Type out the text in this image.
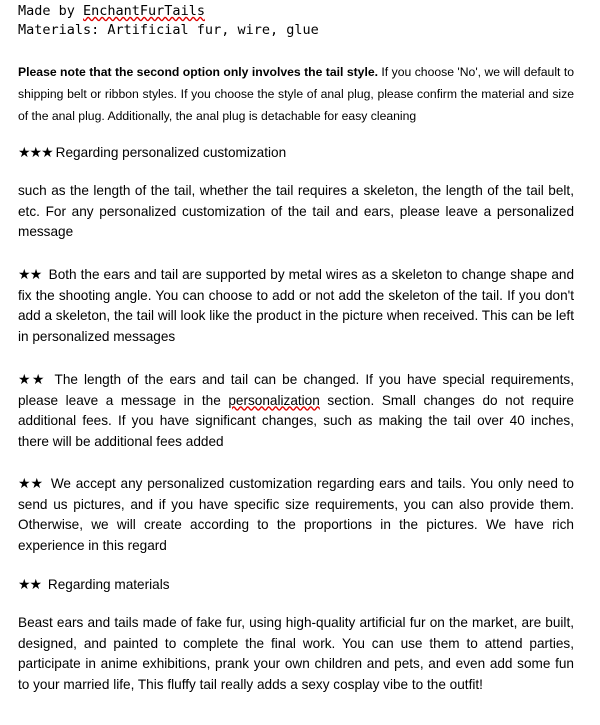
Made by EnchantFurTails
Materials: Artificial fur, wire, glue
Please note that the second option only involves the tail style. If you choose 'No', we will default to shipping belt or ribbon styles. If you choose the style of anal plug, please confirm the material and size of the anal plug. Additionally, the anal plug is detachable for easy cleaning
★★★ Regarding personalized customization
such as the length of the tail, whether the tail requires a skeleton, the length of the tail belt, etc. For any personalized customization of the tail and ears, please leave a personalized message
★★ Both the ears and tail are supported by metal wires as a skeleton to change shape and fix the shooting angle. You can choose to add or not add the skeleton of the tail. If you don't add a skeleton, the tail will look like the product in the picture when received. This can be left in personalized messages
★★ The length of the ears and tail can be changed. If you have special requirements, please leave a message in the personalization section. Small changes do not require additional fees. If you have significant changes, such as making the tail over 40 inches, there will be additional fees added
★★ We accept any personalized customization regarding ears and tails. You only need to send us pictures, and if you have specific size requirements, you can also provide them. Otherwise, we will create according to the proportions in the pictures. We have rich experience in this regard
★★ Regarding materials
Beast ears and tails made of fake fur, using high-quality artificial fur on the market, are built, designed, and painted to complete the final work. You can use them to attend parties, participate in anime exhibitions, prank your own children and pets, and even add some fun to your married life, This fluffy tail really adds a sexy cosplay vibe to the outfit!
